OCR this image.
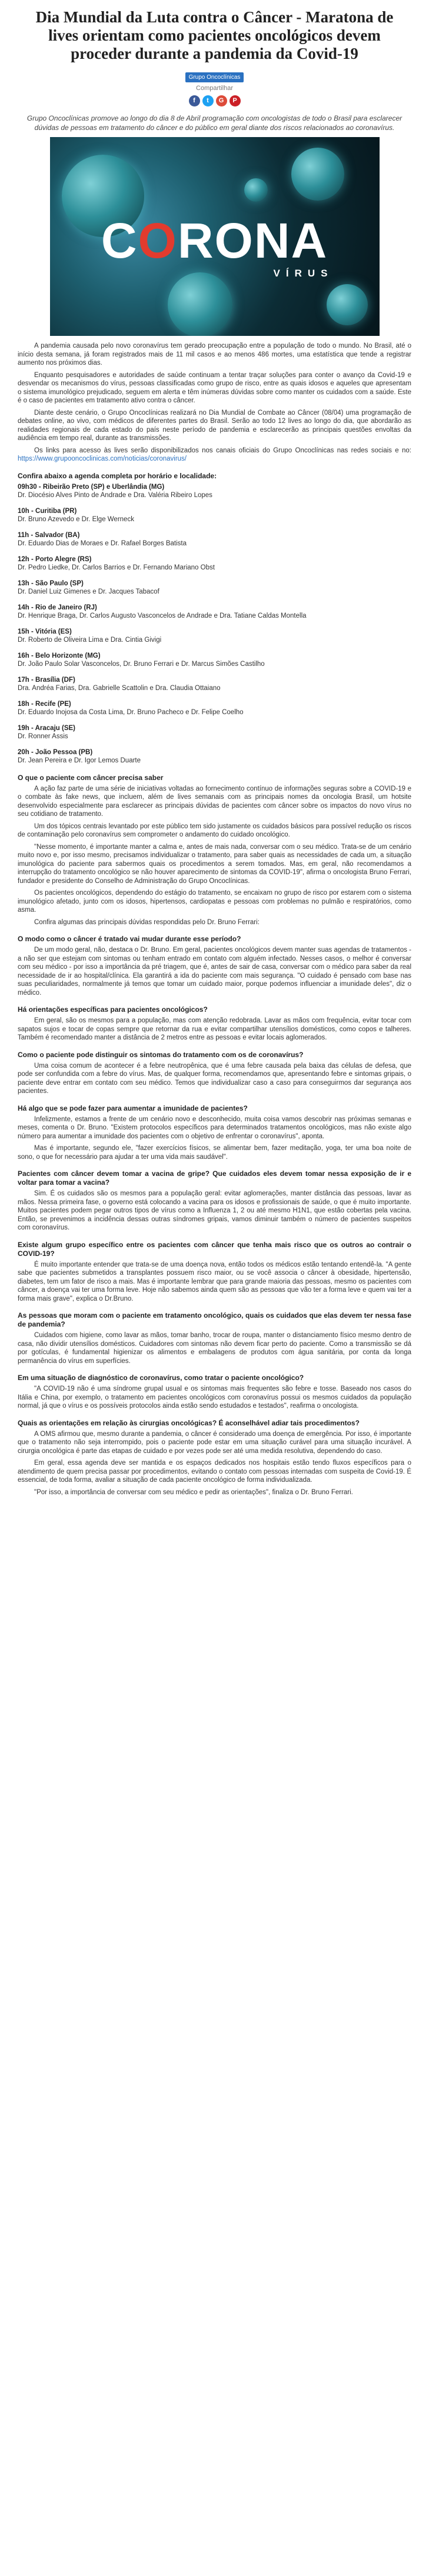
Dia Mundial da Luta contra o Câncer - Maratona de lives orientam como pacientes oncológicos devem proceder durante a pandemia da Covid-19
Grupo Oncoclínicas
Compartilhar
f t G P
Grupo Oncoclínicas promove ao longo do dia 8 de Abril programação com oncologistas de todo o Brasil para esclarecer dúvidas de pessoas em tratamento do câncer e do público em geral diante dos riscos relacionados ao coronavírus.
CORONA
VÍRUS

A pandemia causada pelo novo coronavírus tem gerado preocupação entre a população de todo o mundo. No Brasil, até o início desta semana, já foram registrados mais de 11 mil casos e ao menos 486 mortes, uma estatística que tende a registrar aumento nos próximos dias.

Enquanto pesquisadores e autoridades de saúde continuam a tentar traçar soluções para conter o avanço da Covid-19 e desvendar os mecanismos do vírus, pessoas classificadas como grupo de risco, entre as quais idosos e aqueles que apresentam o sistema imunológico prejudicado, seguem em alerta e têm inúmeras dúvidas sobre como manter os cuidados com a saúde. Este é o caso de pacientes em tratamento ativo contra o câncer.

Diante deste cenário, o Grupo Oncoclínicas realizará no Dia Mundial de Combate ao Câncer (08/04) uma programação de debates online, ao vivo, com médicos de diferentes partes do Brasil. Serão ao todo 12 lives ao longo do dia, que abordarão as realidades regionais de cada estado do país neste período de pandemia e esclarecerão as principais questões envoltas da audiência em tempo real, durante as transmissões.

Os links para acesso às lives serão disponibilizados nos canais oficiais do Grupo Oncoclínicas nas redes sociais e no: https://www.grupooncoclinicas.com/noticias/coronavirus/

Confira abaixo a agenda completa por horário e localidade:

09h30 - Ribeirão Preto (SP) e Uberlândia (MG)

Dr. Diocésio Alves Pinto de Andrade e Dra. Valéria Ribeiro Lopes

10h - Curitiba (PR)

Dr. Bruno Azevedo e Dr. Elge Werneck

11h - Salvador (BA)

Dr. Eduardo Dias de Moraes e Dr. Rafael Borges Batista

12h - Porto Alegre (RS)

Dr. Pedro Liedke, Dr. Carlos Barrios e Dr. Fernando Mariano Obst

13h - São Paulo (SP)

Dr. Daniel Luiz Gimenes e Dr. Jacques Tabacof

14h - Rio de Janeiro (RJ)

Dr. Henrique Braga, Dr. Carlos Augusto Vasconcelos de Andrade e Dra. Tatiane Caldas Montella

15h - Vitória (ES)

Dr. Roberto de Oliveira Lima e Dra. Cintia Givigi

16h - Belo Horizonte (MG)

Dr. João Paulo Solar Vasconcelos, Dr. Bruno Ferrari e Dr. Marcus Simões Castilho

17h - Brasília (DF)

Dra. Andréa Farias, Dra. Gabrielle Scattolin e Dra. Claudia Ottaiano

18h - Recife (PE)

Dr. Eduardo Inojosa da Costa Lima, Dr. Bruno Pacheco e Dr. Felipe Coelho

19h - Aracaju (SE)

Dr. Ronner Assis

20h - João Pessoa (PB)

Dr. Jean Pereira e Dr. Igor Lemos Duarte

O que o paciente com câncer precisa saber

A ação faz parte de uma série de iniciativas voltadas ao fornecimento contínuo de informações seguras sobre a COVID-19 e o combate às fake news, que incluem, além de lives semanais com as principais nomes da oncologia Brasil, um hotsite desenvolvido especialmente para esclarecer as principais dúvidas de pacientes com câncer sobre os impactos do novo vírus no seu cotidiano de tratamento.

Um dos tópicos centrais levantado por este público tem sido justamente os cuidados básicos para possível redução os riscos de contaminação pelo coronavírus sem comprometer o andamento do cuidado oncológico.

"Nesse momento, é importante manter a calma e, antes de mais nada, conversar com o seu médico. Trata-se de um cenário muito novo e, por isso mesmo, precisamos individualizar o tratamento, para saber quais as necessidades de cada um, a situação imunológica do paciente para sabermos quais os procedimentos a serem tomados. Mas, em geral, não recomendamos a interrupção do tratamento oncológico se não houver aparecimento de sintomas da COVID-19", afirma o oncologista Bruno Ferrari, fundador e presidente do Conselho de Administração do Grupo Oncoclínicas.

Os pacientes oncológicos, dependendo do estágio do tratamento, se encaixam no grupo de risco por estarem com o sistema imunológico afetado, junto com os idosos, hipertensos, cardiopatas e pessoas com problemas no pulmão e respiratórios, como asma.

Confira algumas das principais dúvidas respondidas pelo Dr. Bruno Ferrari:

O modo como o câncer é tratado vai mudar durante esse período?

De um modo geral, não, destaca o Dr. Bruno. Em geral, pacientes oncológicos devem manter suas agendas de tratamentos - a não ser que estejam com sintomas ou tenham entrado em contato com alguém infectado. Nesses casos, o melhor é conversar com seu médico - por isso a importância da pré triagem, que é, antes de sair de casa, conversar com o médico para saber da real necessidade de ir ao hospital/clínica. Ela garantirá a ida do paciente com mais segurança. "O cuidado é pensado com base nas suas peculiaridades, normalmente já temos que tomar um cuidado maior, porque podemos influenciar a imunidade deles", diz o médico.

Há orientações específicas para pacientes oncológicos?

Em geral, são os mesmos para a população, mas com atenção redobrada. Lavar as mãos com frequência, evitar tocar com sapatos sujos e tocar de copas sempre que retornar da rua e evitar compartilhar utensílios domésticos, como copos e talheres. Também é recomendado manter a distância de 2 metros entre as pessoas e evitar locais aglomerados.

Como o paciente pode distinguir os sintomas do tratamento com os de coronavírus?

Uma coisa comum de acontecer é a febre neutropênica, que é uma febre causada pela baixa das células de defesa, que pode ser confundida com a febre do vírus. Mas, de qualquer forma, recomendamos que, apresentando febre e sintomas gripais, o paciente deve entrar em contato com seu médico. Temos que individualizar caso a caso para conseguirmos dar segurança aos pacientes.

Há algo que se pode fazer para aumentar a imunidade de pacientes?

Infelizmente, estamos a frente de um cenário novo e desconhecido, muita coisa vamos descobrir nas próximas semanas e meses, comenta o Dr. Bruno. "Existem protocolos específicos para determinados tratamentos oncológicos, mas não existe algo número para aumentar a imunidade dos pacientes com o objetivo de enfrentar o coronavírus", aponta.

Mas é importante, segundo ele, "fazer exercícios físicos, se alimentar bem, fazer meditação, yoga, ter uma boa noite de sono, o que for necessário para ajudar a ter uma vida mais saudável".

Pacientes com câncer devem tomar a vacina de gripe? Que cuidados eles devem tomar nessa exposição de ir e voltar para tomar a vacina?

Sim. É os cuidados são os mesmos para a população geral: evitar aglomerações, manter distância das pessoas, lavar as mãos. Nessa primeira fase, o governo está colocando a vacina para os idosos e profissionais de saúde, o que é muito importante. Muitos pacientes podem pegar outros tipos de vírus como a Influenza 1, 2 ou até mesmo H1N1, que estão cobertas pela vacina. Então, se prevenimos a incidência dessas outras síndromes gripais, vamos diminuir também o número de pacientes suspeitos com coronavírus.

Existe algum grupo específico entre os pacientes com câncer que tenha mais risco que os outros ao contrair o COVID-19?

É muito importante entender que trata-se de uma doença nova, então todos os médicos estão tentando entendê-la. "A gente sabe que pacientes submetidos a transplantes possuem risco maior, ou se você associa o câncer à obesidade, hipertensão, diabetes, tem um fator de risco a mais. Mas é importante lembrar que para grande maioria das pessoas, mesmo os pacientes com câncer, a doença vai ter uma forma leve. Hoje não sabemos ainda quem são as pessoas que vão ter a forma leve e quem vai ter a forma mais grave", explica o Dr.Bruno.

As pessoas que moram com o paciente em tratamento oncológico, quais os cuidados que elas devem ter nessa fase de pandemia?

Cuidados com higiene, como lavar as mãos, tomar banho, trocar de roupa, manter o distanciamento físico mesmo dentro de casa, não dividir utensílios domésticos. Cuidadores com sintomas não devem ficar perto do paciente. Como a transmissão se dá por gotículas, é fundamental higienizar os alimentos e embalagens de produtos com água sanitária, por conta da longa permanência do vírus em superfícies.

Em uma situação de diagnóstico de coronavírus, como tratar o paciente oncológico?

"A COVID-19 não é uma síndrome grupal usual e os sintomas mais frequentes são febre e tosse. Baseado nos casos do Itália e China, por exemplo, o tratamento em pacientes oncológicos com coronavírus possui os mesmos cuidados da população normal, já que o vírus e os possíveis protocolos ainda estão sendo estudados e testados", reafirma o oncologista.

Quais as orientações em relação às cirurgias oncológicas? É aconselhável adiar tais procedimentos?

A OMS afirmou que, mesmo durante a pandemia, o câncer é considerado uma doença de emergência. Por isso, é importante que o tratamento não seja interrompido, pois o paciente pode estar em uma situação curável para uma situação incurável. A cirurgia oncológica é parte das etapas de cuidado e por vezes pode ser até uma medida resolutiva, dependendo do caso.

Em geral, essa agenda deve ser mantida e os espaços dedicados nos hospitais estão tendo fluxos específicos para o atendimento de quem precisa passar por procedimentos, evitando o contato com pessoas internadas com suspeita de Covid-19. É essencial, de toda forma, avaliar a situação de cada paciente oncológico de forma individualizada.

"Por isso, a importância de conversar com seu médico e pedir as orientações", finaliza o Dr. Bruno Ferrari.
